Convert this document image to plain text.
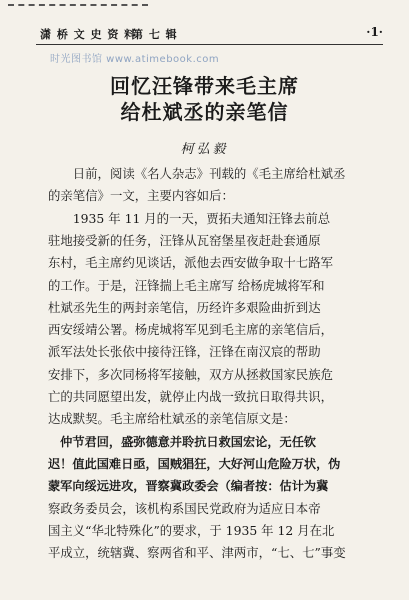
潇 桥 文 史 资 料
第 七 辑	·1·
时光图书馆 www.atimebook.com
回忆汪锋带来毛主席
给杜斌丞的亲笔信
柯弘毅
　　日前，阅读《名人杂志》刊载的《毛主席给杜斌丞
的亲笔信》一文，主要内容如后：
　　1935 年 11 月的一天，贾拓夫通知汪锋去前总
驻地接受新的任务，汪锋从瓦窑堡星夜赶赴套通原
东村，毛主席约见谈话，派他去西安做争取十七路军
的工作。于是，汪锋揣上毛主席写 给杨虎城将军和
杜斌丞先生的两封亲笔信，历经许多艰险曲折到达
西安绥靖公署。杨虎城将军见到毛主席的亲笔信后，
派军法处长张依中接待汪锋，汪锋在南汉宸的帮助
安排下，多次同杨将军接触，双方从拯救国家民族危
亡的共同愿望出发，就停止内战一致抗日取得共识，
达成默契。毛主席给杜斌丞的亲笔信原文是：
　仲节君回，盛弥德意并聆抗日救国宏论，无任钦
迟！值此国难日亟，国贼猖狂，大好河山危险万状，伪
蒙军向绥远进攻，晋察冀政委会（编者按：估计为冀
察政务委员会，该机构系国民党政府为适应日本帝
国主义“华北特殊化”的要求，于 1935 年 12 月在北
平成立，统辖冀、察两省和平、津两市，“七、七”事变
